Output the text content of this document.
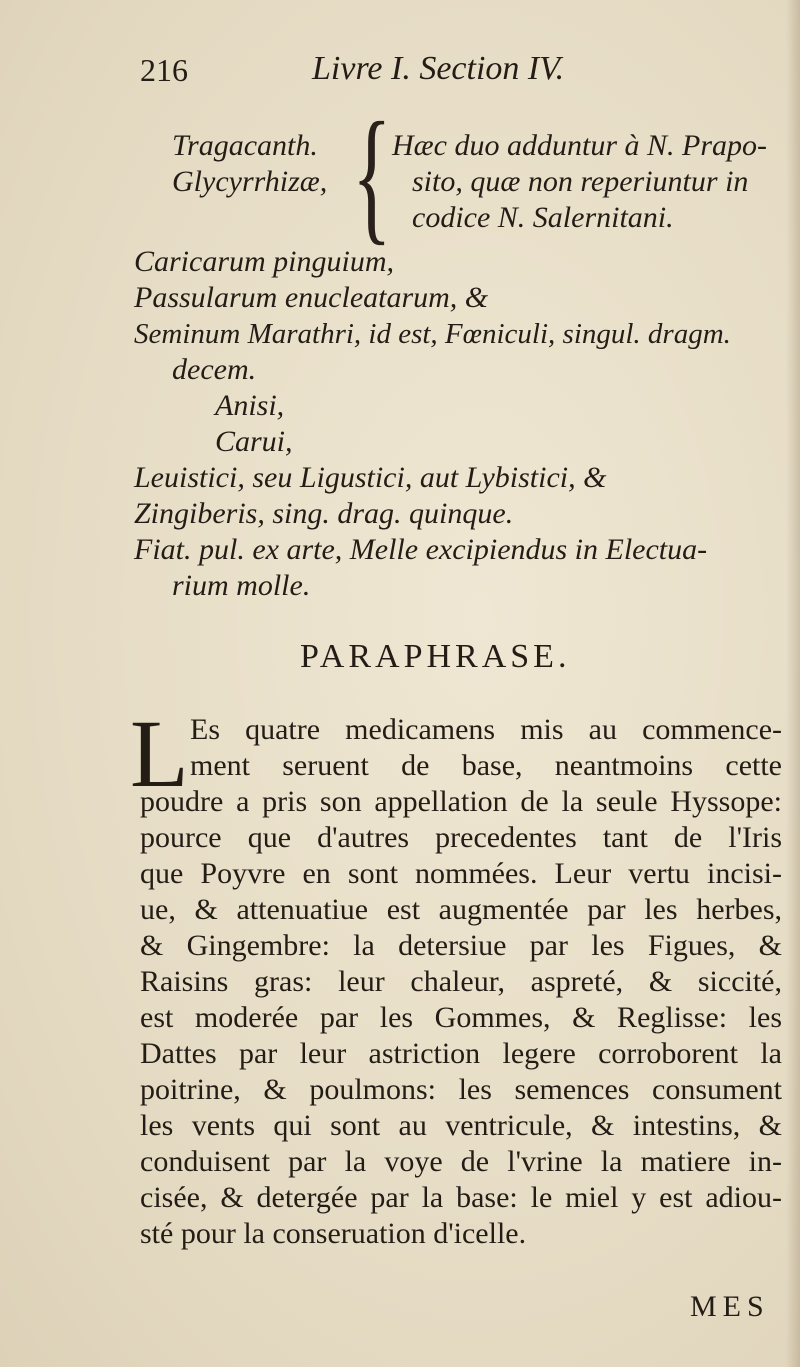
216	Livre I. Section IV.
Tragacanth.
Glycyrrhizæ, { Hæc duo adduntur à N. Prapo-
sito, quæ non reperiuntur in
codice N. Salernitani.
Caricarum pinguium,
Passularum enucleatarum, &
Seminum Marathri, id est, Fœniculi, singul. dragm.
decem.
Anisi,
Carui,
Leuistici, seu Ligustici, aut Lybistici, &
Zingiberis, sing. drag. quinque.
Fiat. pul. ex arte, Melle excipiendus in Electua-
rium molle.
PARAPHRASE.
L Es quatre medicamens mis au commence-
ment seruent de base, neantmoins cette
poudre a pris son appellation de la seule Hyssope:
pource que d'autres precedentes tant de l'Iris
que Poyvre en sont nommées. Leur vertu incisi-
ue, & attenuatiue est augmentée par les herbes,
& Gingembre: la detersiue par les Figues, &
Raisins gras: leur chaleur, aspreté, & siccité,
est moderée par les Gommes, & Reglisse: les
Dattes par leur astriction legere corroborent la
poitrine, & poulmons: les semences consument
les vents qui sont au ventricule, & intestins, &
conduisent par la voye de l'vrine la matiere in-
cisée, & detergée par la base: le miel y est adiou-
sté pour la conseruation d'icelle.
MES
